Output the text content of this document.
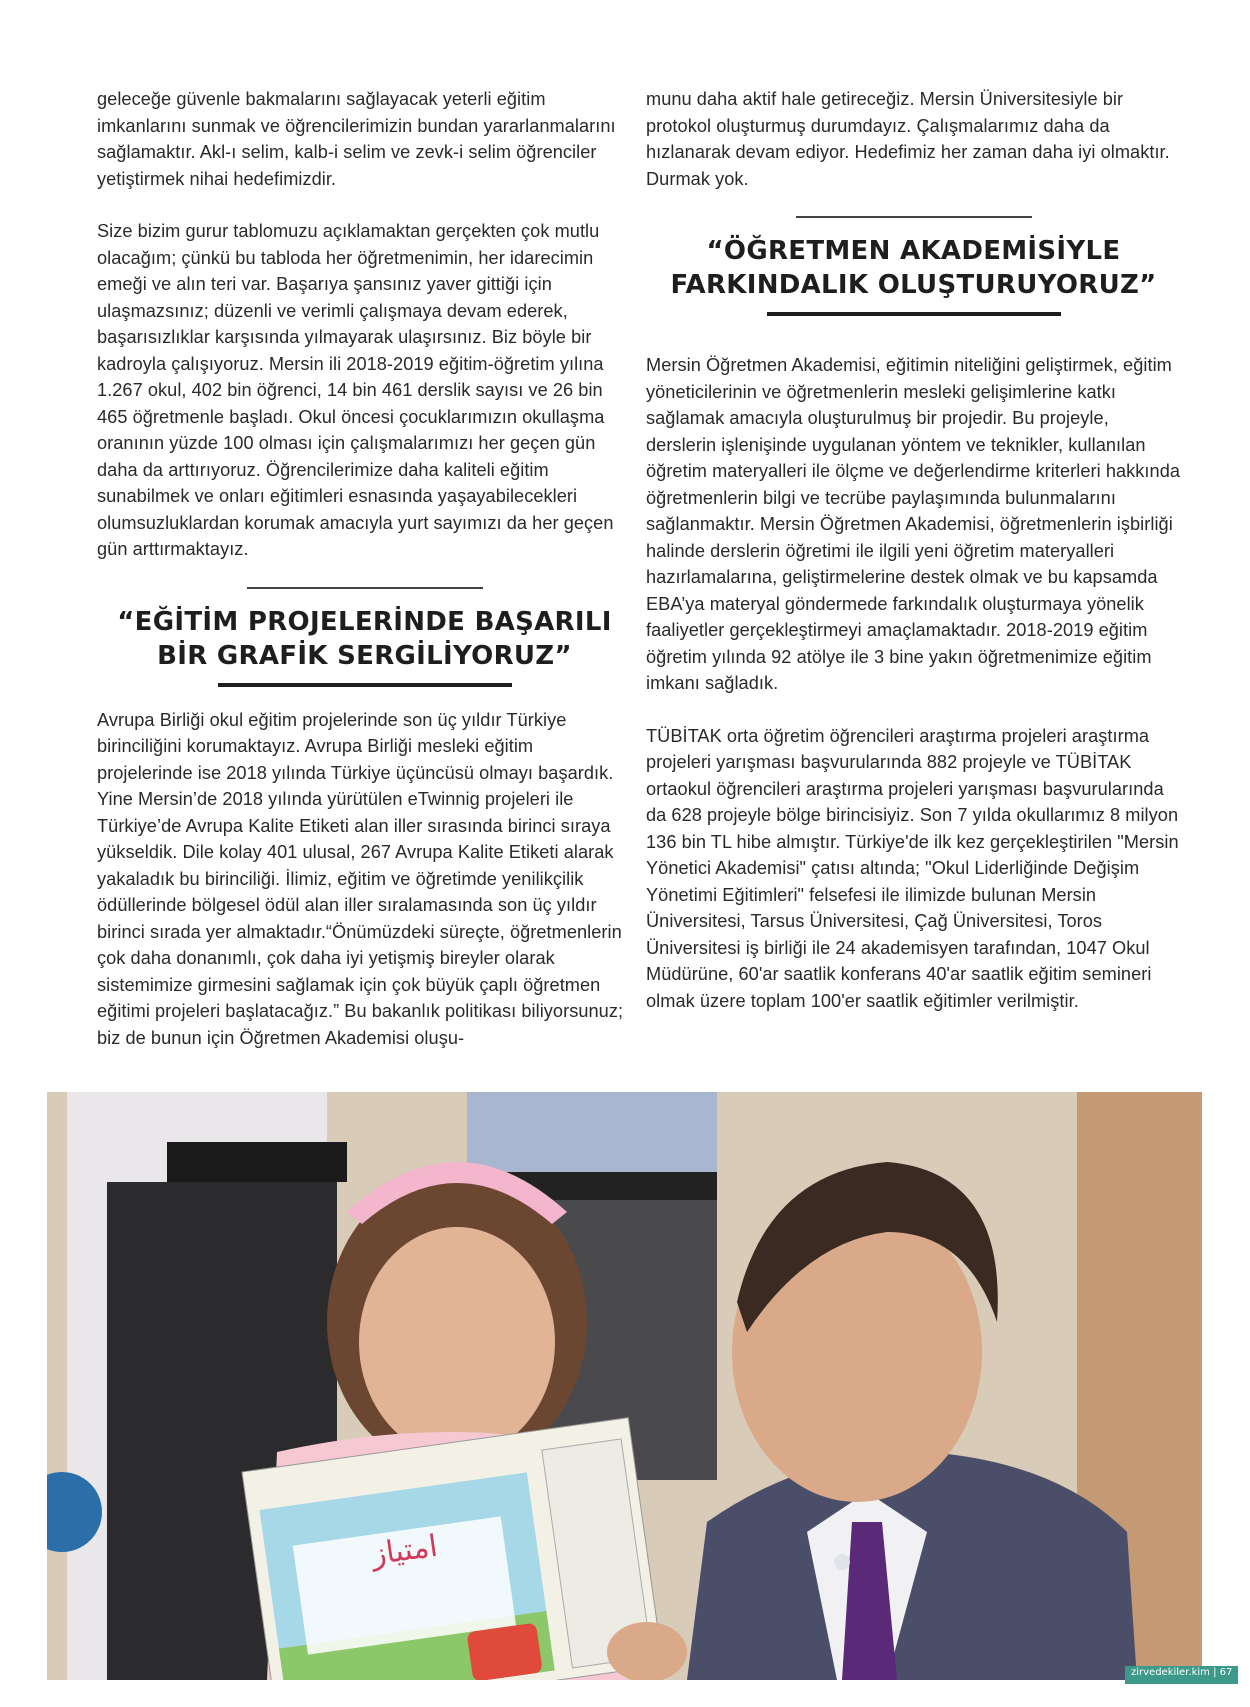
geleceğe güvenle bakmalarını sağlayacak yeterli eğitim imkanlarını sunmak ve öğrencilerimizin bundan yararlanmalarını sağlamaktır. Akl-ı selim, kalb-i selim ve zevk-i selim öğrenciler yetiştirmek nihai hedefimizdir.

Size bizim gurur tablomuzu açıklamaktan gerçekten çok mutlu olacağım; çünkü bu tabloda her öğretmenimin, her idarecimin emeği ve alın teri var. Başarıya şansınız yaver gittiği için ulaşmazsınız; düzenli ve verimli çalışmaya devam ederek, başarısızlıklar karşısında yılmayarak ulaşırsınız. Biz böyle bir kadroyla çalışıyoruz. Mersin ili 2018-2019 eğitim-öğretim yılına 1.267 okul, 402 bin öğrenci, 14 bin 461 derslik sayısı ve 26 bin 465 öğretmenle başladı. Okul öncesi çocuklarımızın okullaşma oranının yüzde 100 olması için çalışmalarımızı her geçen gün daha da arttırıyoruz. Öğrencilerimize daha kaliteli eğitim sunabilmek ve onları eğitimleri esnasında yaşayabilecekleri olumsuzluklardan korumak amacıyla yurt sayımızı da her geçen gün arttırmaktayız.

“EĞİTİM PROJELERİNDE BAŞARILI
BİR GRAFİK SERGİLİYORUZ”

Avrupa Birliği okul eğitim projelerinde son üç yıldır Türkiye birinciliğini korumaktayız. Avrupa Birliği mesleki eğitim projelerinde ise 2018 yılında Türkiye üçüncüsü olmayı başardık. Yine Mersin’de 2018 yılında yürütülen eTwinnig projeleri ile Türkiye’de Avrupa Kalite Etiketi alan iller sırasında birinci sıraya yükseldik. Dile kolay 401 ulusal, 267 Avrupa Kalite Etiketi alarak yakaladık bu birinciliği. İlimiz, eğitim ve öğretimde yenilikçilik ödüllerinde bölgesel ödül alan iller sıralamasında son üç yıldır birinci sırada yer almaktadır.“Önümüzdeki süreçte, öğretmenlerin çok daha donanımlı, çok daha iyi yetişmiş bireyler olarak sistemimize girmesini sağlamak için çok büyük çaplı öğretmen eğitimi projeleri başlatacağız.” Bu bakanlık politikası biliyorsunuz; biz de bunun için Öğretmen Akademisi oluşu-

munu daha aktif hale getireceğiz. Mersin Üniversitesiyle bir protokol oluşturmuş durumdayız. Çalışmalarımız daha da hızlanarak devam ediyor. Hedefimiz her zaman daha iyi olmaktır. Durmak yok.

“ÖĞRETMEN AKADEMİSİYLE
FARKINDALIK OLUŞTURUYORUZ”

Mersin Öğretmen Akademisi, eğitimin niteliğini geliştirmek, eğitim yöneticilerinin ve öğretmenlerin mesleki gelişimlerine katkı sağlamak amacıyla oluşturulmuş bir projedir. Bu projeyle, derslerin işlenişinde uygulanan yöntem ve teknikler, kullanılan öğretim materyalleri ile ölçme ve değerlendirme kriterleri hakkında öğretmenlerin bilgi ve tecrübe paylaşımında bulunmalarını sağlanmaktır. Mersin Öğretmen Akademisi, öğretmenlerin işbirliği halinde derslerin öğretimi ile ilgili yeni öğretim materyalleri hazırlamalarına, geliştirmelerine destek olmak ve bu kapsamda EBA’ya materyal göndermede farkındalık oluşturmaya yönelik faaliyetler gerçekleştirmeyi amaçlamaktadır. 2018-2019 eğitim öğretim yılında 92 atölye ile 3 bine yakın öğretmenimize eğitim imkanı sağladık.

TÜBİTAK orta öğretim öğrencileri araştırma projeleri araştırma projeleri yarışması başvurularında 882 projeyle ve TÜBİTAK ortaokul öğrencileri araştırma projeleri yarışması başvurularında da 628 projeyle bölge birincisiyiz. Son 7 yılda okullarımız 8 milyon 136 bin TL hibe almıştır. Türkiye'de ilk kez gerçekleştirilen "Mersin Yönetici Akademisi" çatısı altında; "Okul Liderliğinde Değişim Yönetimi Eğitimleri" felsefesi ile ilimizde bulunan Mersin Üniversitesi, Tarsus Üniversitesi, Çağ Üniversitesi, Toros Üniversitesi iş birliği ile 24 akademisyen tarafından, 1047 Okul Müdürüne, 60'ar saatlik konferans 40'ar saatlik eğitim semineri olmak üzere toplam 100'er saatlik eğitimler verilmiştir.

امتياز
zirvedekiler.kim | 67
